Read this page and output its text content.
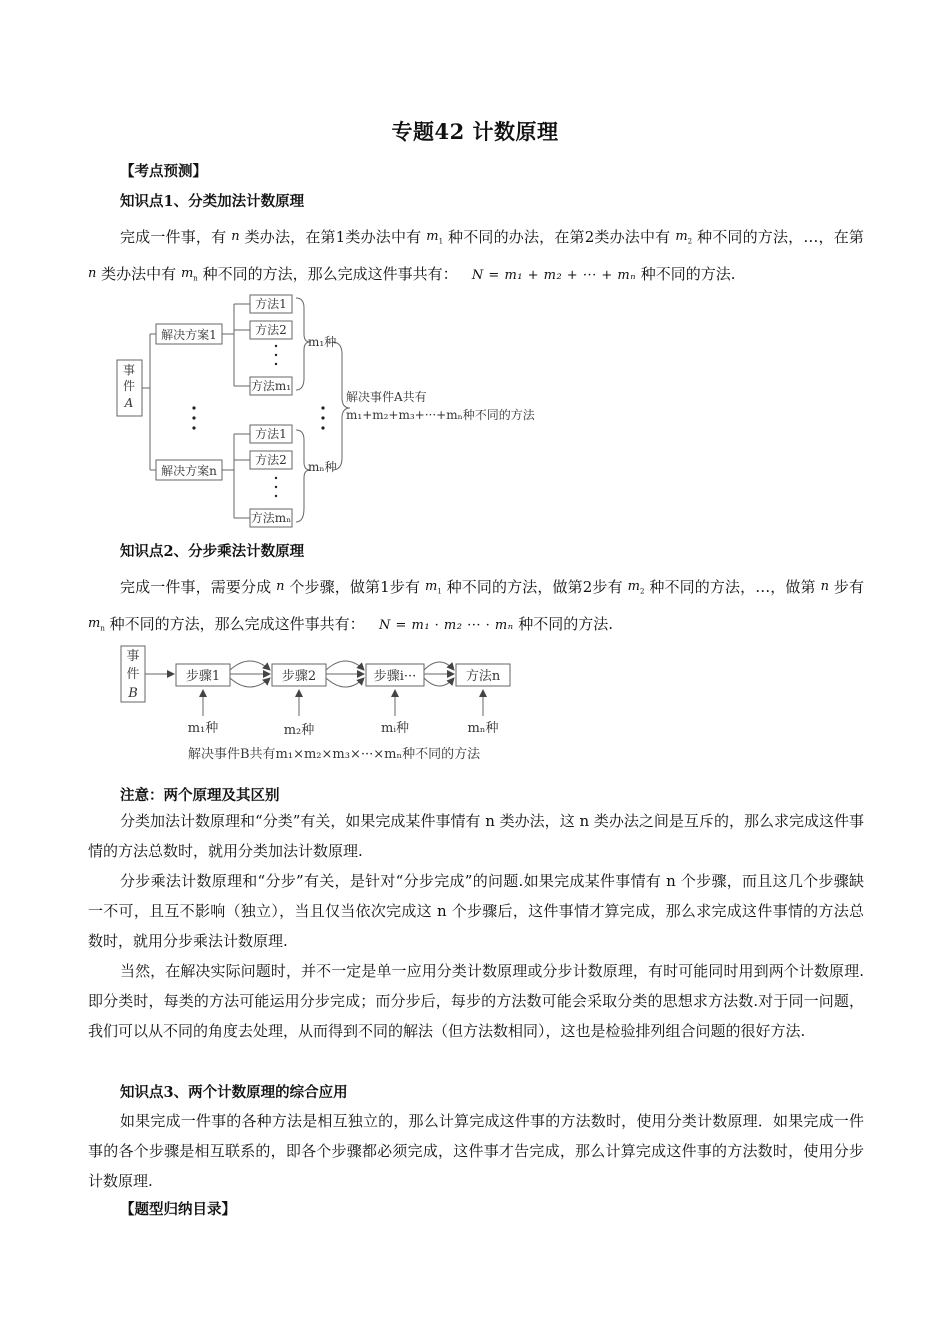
专题42 计数原理
【考点预测】
知识点1、分类加法计数原理

完成一件事，有 n 类办法，在第1类办法中有 $m_1$ 种不同的办法，在第2类办法中有 $m_2$ 种不同的方法，…，在第 n 类办法中有 $m_n$ 种不同的方法，那么完成这件事共有： N = m₁ + m₂ + ··· + mₙ 种不同的方法.

事
件
A
解决方案1
解决方案n
方法1
方法2
方法m₁
方法1
方法2
方法mₙ
m₁种
mₙ种
解决事件A共有
m₁+m₂+m₃+···+mₙ种不同的方法
知识点2、分步乘法计数原理

完成一件事，需要分成 n 个步骤，做第1步有 $m_1$ 种不同的方法，做第2步有 $m_2$ 种不同的方法，…，做第 n 步有 $m_n$ 种不同的方法，那么完成这件事共有： N = m₁ · m₂ ··· · mₙ 种不同的方法.

事
件
B
步骤1	步骤2	步骤i···	方法n
m₁种	m₂种	mᵢ种	mₙ种
解决事件B共有m₁×m₂×m₃×···×mₙ种不同的方法
注意：两个原理及其区别

分类加法计数原理和“分类”有关，如果完成某件事情有 n 类办法，这 n 类办法之间是互斥的，那么求完成这件事情的方法总数时，就用分类加法计数原理.

分步乘法计数原理和“分步”有关，是针对“分步完成”的问题.如果完成某件事情有 n 个步骤，而且这几个步骤缺一不可，且互不影响（独立），当且仅当依次完成这 n 个步骤后，这件事情才算完成，那么求完成这件事情的方法总数时，就用分步乘法计数原理.

当然，在解决实际问题时，并不一定是单一应用分类计数原理或分步计数原理，有时可能同时用到两个计数原理.即分类时，每类的方法可能运用分步完成；而分步后，每步的方法数可能会采取分类的思想求方法数.对于同一问题，我们可以从不同的角度去处理，从而得到不同的解法（但方法数相同），这也是检验排列组合问题的很好方法.

知识点3、两个计数原理的综合应用

如果完成一件事的各种方法是相互独立的，那么计算完成这件事的方法数时，使用分类计数原理．如果完成一件事的各个步骤是相互联系的，即各个步骤都必须完成，这件事才告完成，那么计算完成这件事的方法数时，使用分步计数原理.

【题型归纳目录】
